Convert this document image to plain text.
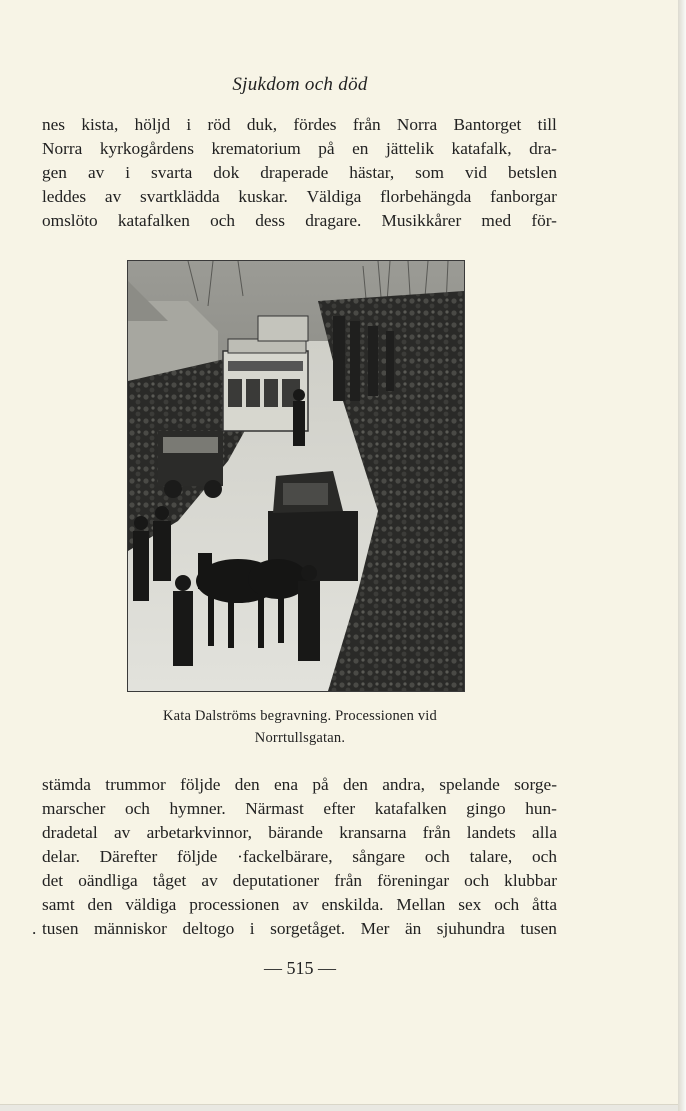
Sjukdom och död
nes kista, höljd i röd duk, fördes från Norra Bantorget till
Norra kyrkogårdens krematorium på en jättelik katafalk, dra-
gen av i svarta dok draperade hästar, som vid betslen
leddes av svartklädda kuskar. Väldiga florbehängda fanborgar
omslöto katafalken och dess dragare. Musikkårer med för-
Kata Dalströms begravning. Processionen vid
Norrtullsgatan.
stämda trummor följde den ena på den andra, spelande sorge-
marscher och hymner. Närmast efter katafalken gingo hun-
dradetal av arbetarkvinnor, bärande kransarna från landets alla
delar. Därefter följde ·fackelbärare, sångare och talare, och
det oändliga tåget av deputationer från föreningar och klubbar
samt den väldiga processionen av enskilda. Mellan sex och åtta
. tusen människor deltogo i sorgetåget. Mer än sjuhundra tusen
— 515 —
